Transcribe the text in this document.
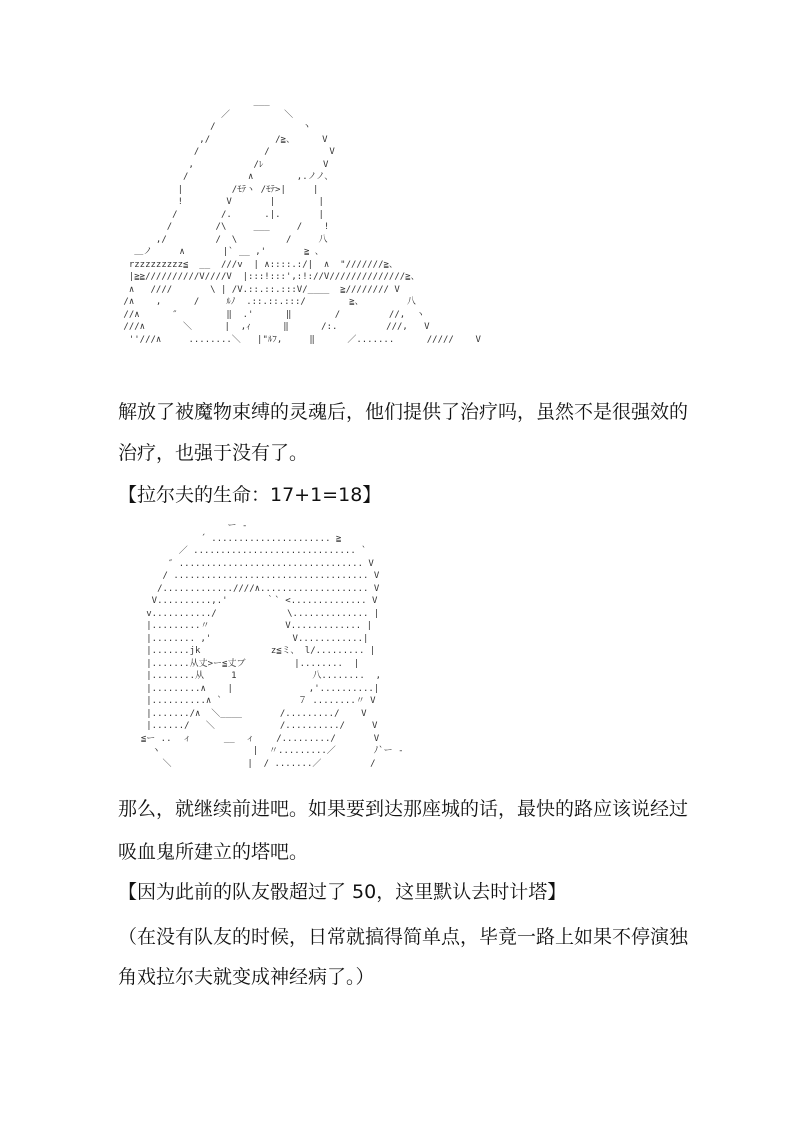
___
／          ＼
/                ヽ
,/            /≧、     V
/            /           V
,           /ﾚ           V
/           ∧        ,.ノノ、
|         /ﾓﾃヽ /ﾓﾃ>|     |
!        V       |        |
/        /.      .|.       |
/        /\     ___     /    !
,/         /  \         /     八
＿ノ     ∧       |` __ ,'       ≧ 、
rzzzzzzzzz≦  __  ///v  | ∧::::.:/|  ∧  "///////≧、
|≧≧//////////V////V  |:::!:::',:!://V//////////////≧、
∧   ////       \ | /V.::.::.:::V/____  ≧//////// V
/∧    ,      /     ﾙﾉ  .::.::.:::/        ≧、        八
//∧      ″         ‖  .'      ‖        /         //,  ヽ
///∧       ＼      |  ,ｨ      ‖      /:.         ///,   V
''///∧     ........＼   |"ﾙﾌ,     ‖      ／.......      /////    V
解放了被魔物束缚的灵魂后，他们提供了治疗吗，虽然不是很强效的
治疗，也强于没有了。
【拉尔夫的生命：17+1=18】
ー -
´ ...................... ≧
／ .............................. `
″ .................................. V
/ .................................... V
/.............////∧.................... V
V..........,.'       ｀` <.............. V
v.........../             \.............. |
|.........〃              V............. |
|........ ,'               V............|
|.......jk             z≦ミ、 l/......... |
|.......从丈>ー≦丈ブ         |........  |
|........从     1              八........  ,
|.........∧    |              ,'..........|
|..........∧ `              ７ ........〃 V
|......./∧  ＼____       /........./    V
|....../   ＼            /........../     V
≦ー ..  ィ      __  ィ    /........./       V
ヽ                 |  〃.........／       ﾉ`ー -
＼              |  / .......／         /
那么，就继续前进吧。如果要到达那座城的话，最快的路应该说经过
吸血鬼所建立的塔吧。
【因为此前的队友骰超过了 50，这里默认去时计塔】
（在没有队友的时候，日常就搞得简单点，毕竟一路上如果不停演独
角戏拉尔夫就变成神经病了。）
